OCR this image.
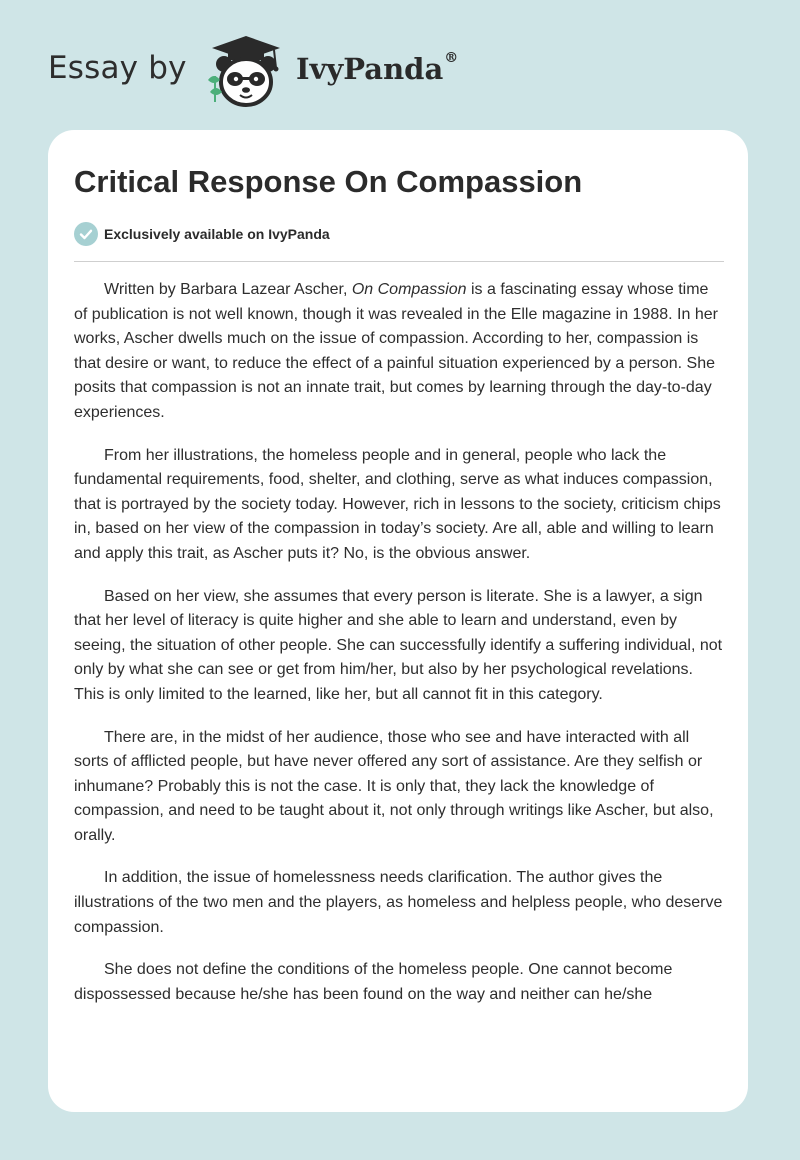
Essay by	IvyPanda®
Critical Response On Compassion
Exclusively available on IvyPanda

Written by Barbara Lazear Ascher, On Compassion is a fascinating essay whose time of publication is not well known, though it was revealed in the Elle magazine in 1988. In her works, Ascher dwells much on the issue of compassion. According to her, compassion is that desire or want, to reduce the effect of a painful situation experienced by a person. She posits that compassion is not an innate trait, but comes by learning through the day-to-day experiences.

From her illustrations, the homeless people and in general, people who lack the fundamental requirements, food, shelter, and clothing, serve as what induces compassion, that is portrayed by the society today. However, rich in lessons to the society, criticism chips in, based on her view of the compassion in today’s society. Are all, able and willing to learn and apply this trait, as Ascher puts it? No, is the obvious answer.

Based on her view, she assumes that every person is literate. She is a lawyer, a sign that her level of literacy is quite higher and she able to learn and understand, even by seeing, the situation of other people. She can successfully identify a suffering individual, not only by what she can see or get from him/her, but also by her psychological revelations. This is only limited to the learned, like her, but all cannot fit in this category.

There are, in the midst of her audience, those who see and have interacted with all sorts of afflicted people, but have never offered any sort of assistance. Are they selfish or inhumane? Probably this is not the case. It is only that, they lack the knowledge of compassion, and need to be taught about it, not only through writings like Ascher, but also, orally.

In addition, the issue of homelessness needs clarification. The author gives the illustrations of the two men and the players, as homeless and helpless people, who deserve compassion.

She does not define the conditions of the homeless people. One cannot become dispossessed because he/she has been found on the way and neither can he/she
